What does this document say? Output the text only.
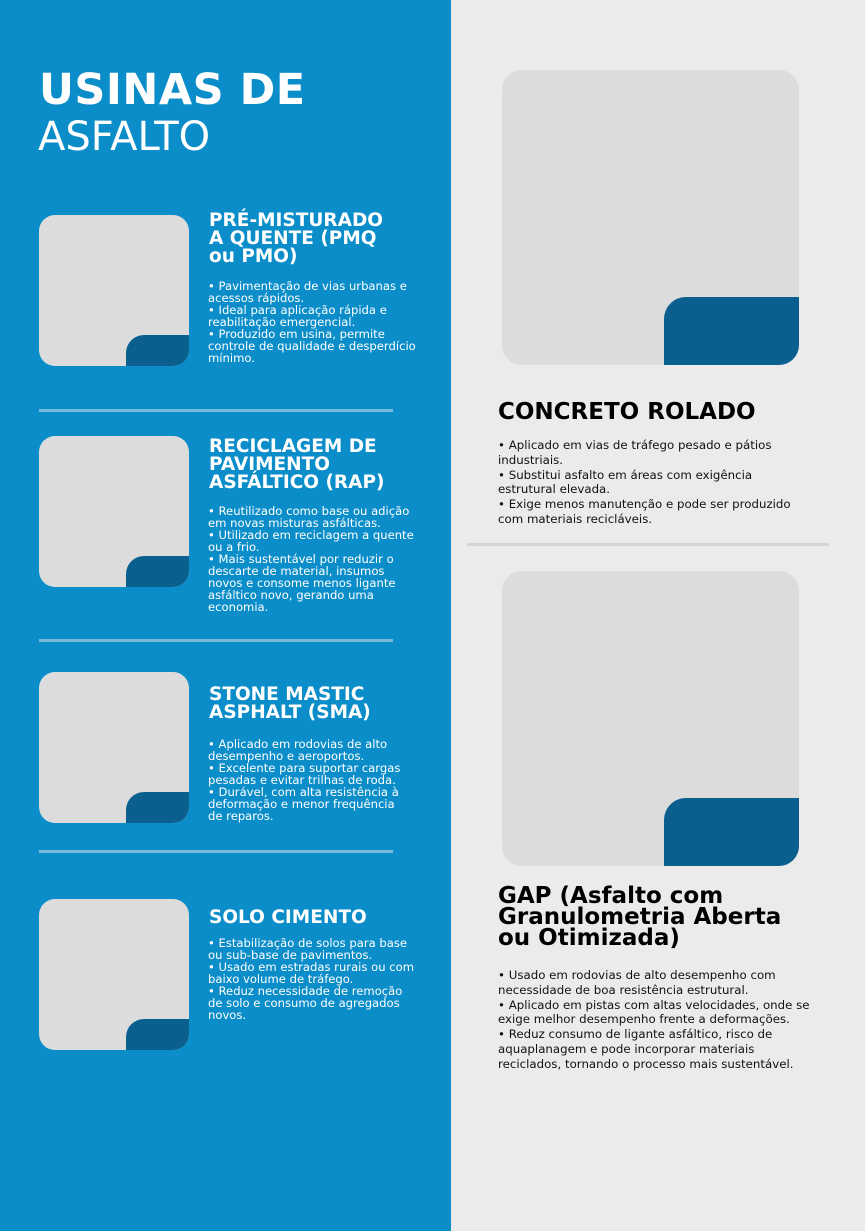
USINAS DE
ASFALTO
PRÉ-MISTURADO
A QUENTE (PMQ
ou PMO)

• Pavimentação de vias urbanas e
acessos rápidos.
• Ideal para aplicação rápida e
reabilitação emergencial.
• Produzido em usina, permite
controle de qualidade e desperdício
mínimo.

RECICLAGEM DE
PAVIMENTO
ASFÁLTICO (RAP)

• Reutilizado como base ou adição
em novas misturas asfálticas.
• Utilizado em reciclagem a quente
ou a frio.
• Mais sustentável por reduzir o
descarte de material, insumos
novos e consome menos ligante
asfáltico novo, gerando uma
economia.

STONE MASTIC
ASPHALT (SMA)

• Aplicado em rodovias de alto
desempenho e aeroportos.
• Excelente para suportar cargas
pesadas e evitar trilhas de roda.
• Durável, com alta resistência à
deformação e menor frequência
de reparos.

SOLO CIMENTO

• Estabilização de solos para base
ou sub-base de pavimentos.
• Usado em estradas rurais ou com
baixo volume de tráfego.
• Reduz necessidade de remoção
de solo e consumo de agregados
novos.

CONCRETO ROLADO

• Aplicado em vias de tráfego pesado e pátios
industriais.
• Substitui asfalto em áreas com exigência
estrutural elevada.
• Exige menos manutenção e pode ser produzido
com materiais recicláveis.

GAP (Asfalto com
Granulometria Aberta
ou Otimizada)

• Usado em rodovias de alto desempenho com
necessidade de boa resistência estrutural.
• Aplicado em pistas com altas velocidades, onde se
exige melhor desempenho frente a deformações.
• Reduz consumo de ligante asfáltico, risco de
aquaplanagem e pode incorporar materiais
reciclados, tornando o processo mais sustentável.
